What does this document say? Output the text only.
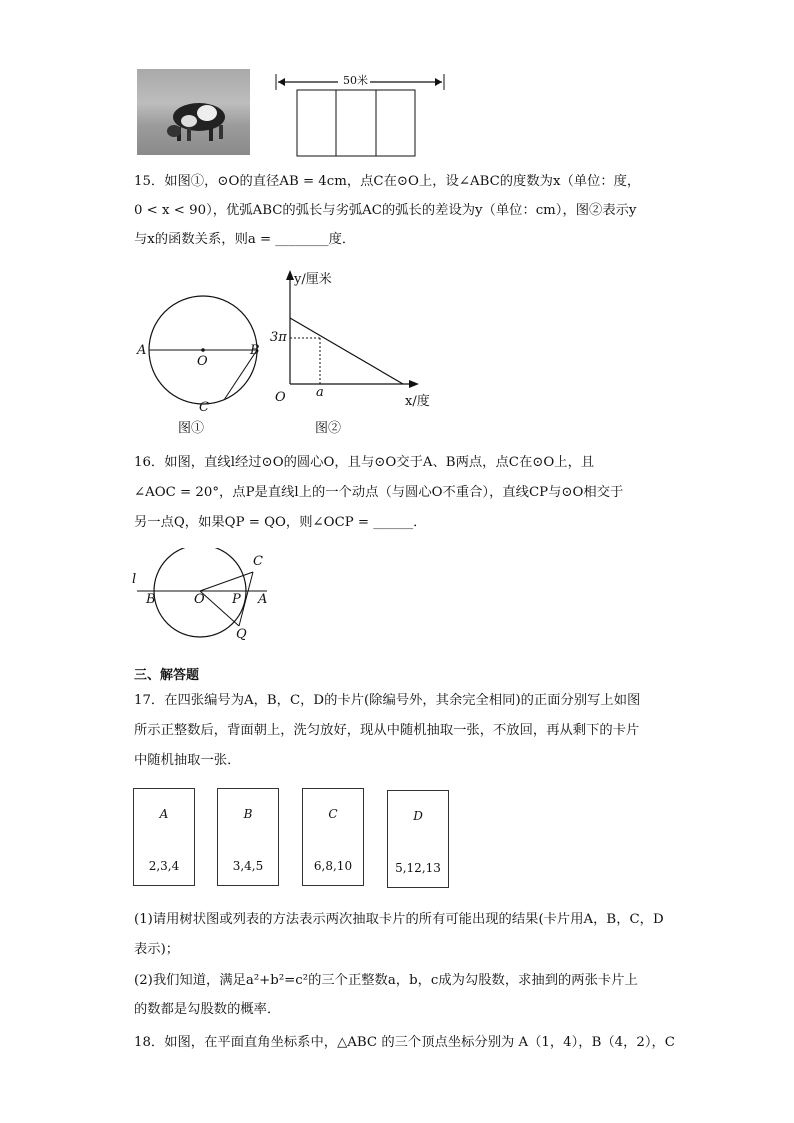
50米
15．如图①，⊙O的直径AB = 4cm，点C在⊙O上，设∠ABC的度数为x（单位：度，
0 < x < 90），优弧ABC的弧长与劣弧AC的弧长的差设为y（单位：cm），图②表示y
与x的函数关系，则a = ________度．
A	B
O
C
图①
y/厘米
3π
O a
x/度
图②
16．如图，直线l经过⊙O的圆心O，且与⊙O交于A、B两点，点C在⊙O上，且
∠AOC = 20°，点P是直线l上的一个动点（与圆心O不重合），直线CP与⊙O相交于
另一点Q，如果QP = QO，则∠OCP = ______．
l
B	O P A
C
Q
三、解答题
17．在四张编号为A，B，C，D的卡片(除编号外，其余完全相同)的正面分别写上如图
所示正整数后，背面朝上，洗匀放好，现从中随机抽取一张，不放回，再从剩下的卡片
中随机抽取一张．
A
2,3,4
B
3,4,5
C
6,8,10
D
5,12,13
(1)请用树状图或列表的方法表示两次抽取卡片的所有可能出现的结果(卡片用A，B，C，D
表示)；
(2)我们知道，满足a²+b²=c²的三个正整数a，b，c成为勾股数，求抽到的两张卡片上
的数都是勾股数的概率．
18．如图，在平面直角坐标系中，△ABC 的三个顶点坐标分别为 A（1，4），B（4，2），C
